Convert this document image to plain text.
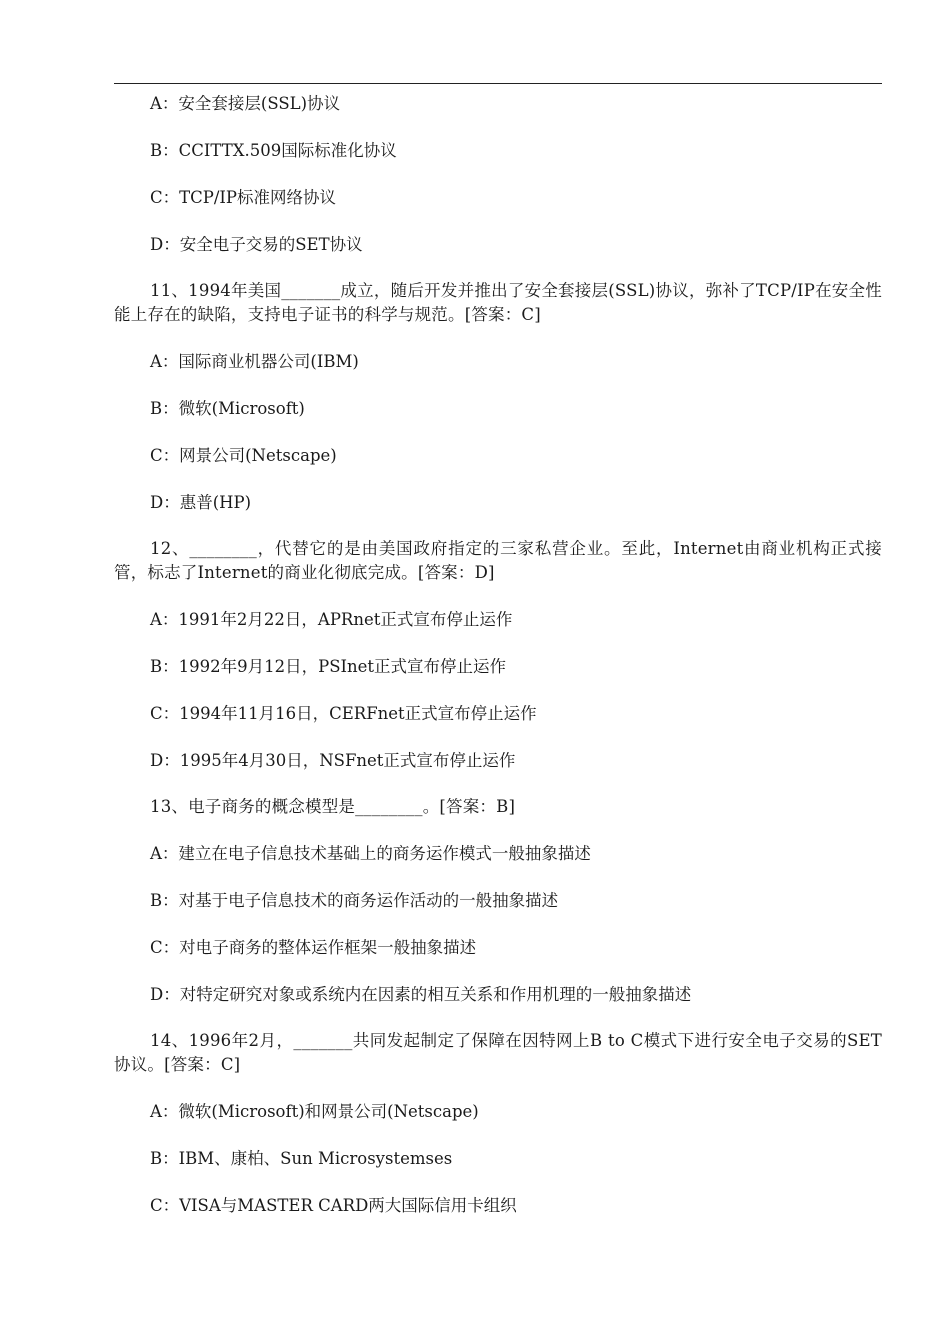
A：安全套接层(SSL)协议
B：CCITTX.509国际标准化协议
C：TCP/IP标准网络协议
D：安全电子交易的SET协议
11、1994年美国_______成立，随后开发并推出了安全套接层(SSL)协议，弥补了TCP/IP在安全性能上存在的缺陷，支持电子证书的科学与规范。[答案：C]
A：国际商业机器公司(IBM)
B：微软(Microsoft)
C：网景公司(Netscape)
D：惠普(HP)
12、________，代替它的是由美国政府指定的三家私营企业。至此，Internet由商业机构正式接管，标志了Internet的商业化彻底完成。[答案：D]
A：1991年2月22日，APRnet正式宣布停止运作
B：1992年9月12日，PSInet正式宣布停止运作
C：1994年11月16日，CERFnet正式宣布停止运作
D：1995年4月30日，NSFnet正式宣布停止运作
13、电子商务的概念模型是________。[答案：B]
A：建立在电子信息技术基础上的商务运作模式一般抽象描述
B：对基于电子信息技术的商务运作活动的一般抽象描述
C：对电子商务的整体运作框架一般抽象描述
D：对特定研究对象或系统内在因素的相互关系和作用机理的一般抽象描述
14、1996年2月，_______共同发起制定了保障在因特网上B to C模式下进行安全电子交易的SET协议。[答案：C]
A：微软(Microsoft)和网景公司(Netscape)
B：IBM、康柏、Sun Microsystemses
C：VISA与MASTER CARD两大国际信用卡组织
